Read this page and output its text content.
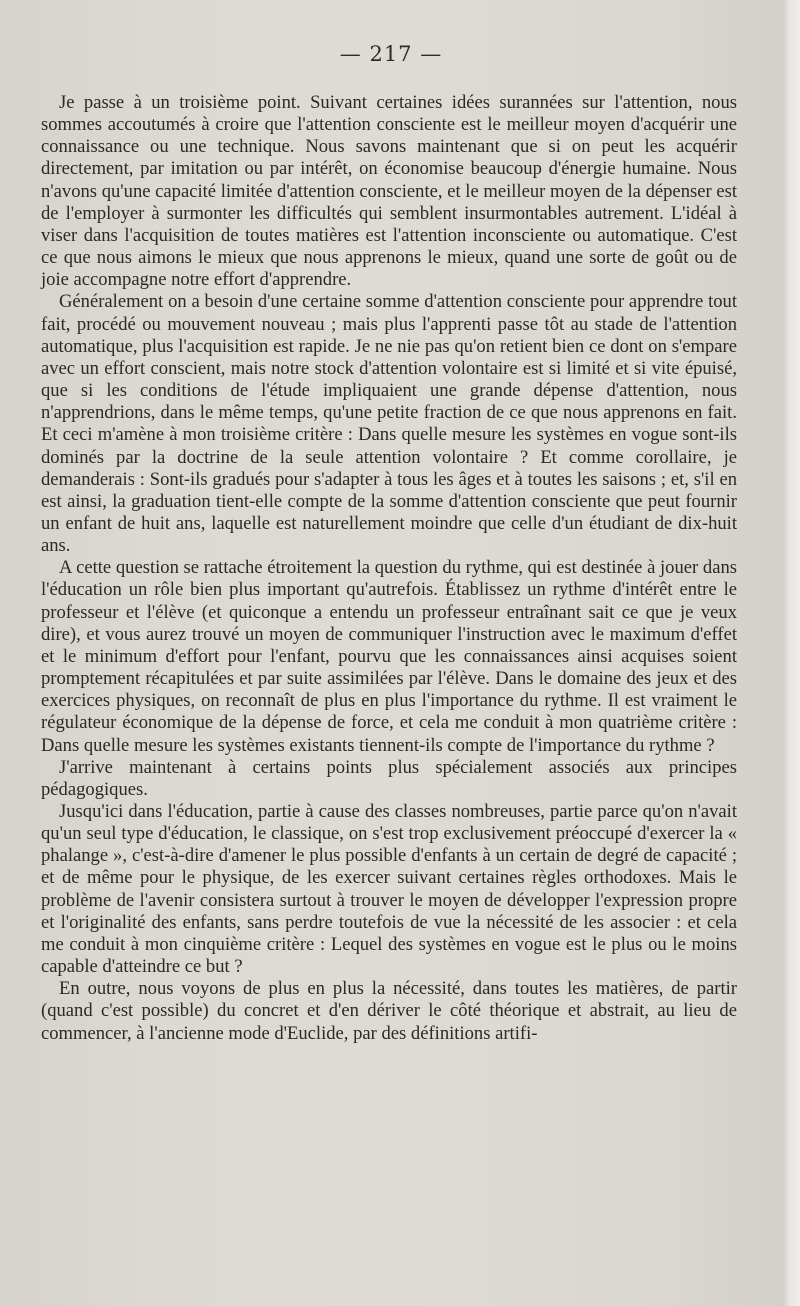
— 217 —

Je passe à un troisième point. Suivant certaines idées surannées sur l'attention, nous sommes accoutumés à croire que l'attention consciente est le meilleur moyen d'acquérir une connaissance ou une technique. Nous savons maintenant que si on peut les acquérir directement, par imitation ou par intérêt, on économise beaucoup d'énergie humaine. Nous n'avons qu'une capacité limitée d'attention consciente, et le meilleur moyen de la dépenser est de l'employer à surmonter les difficultés qui semblent insurmontables autrement. L'idéal à viser dans l'acquisition de toutes matières est l'attention inconsciente ou automatique. C'est ce que nous aimons le mieux que nous apprenons le mieux, quand une sorte de goût ou de joie accompagne notre effort d'apprendre.

Généralement on a besoin d'une certaine somme d'attention consciente pour apprendre tout fait, procédé ou mouvement nouveau ; mais plus l'apprenti passe tôt au stade de l'attention automatique, plus l'acquisition est rapide. Je ne nie pas qu'on retient bien ce dont on s'empare avec un effort conscient, mais notre stock d'attention volontaire est si limité et si vite épuisé, que si les conditions de l'étude impliquaient une grande dépense d'attention, nous n'apprendrions, dans le même temps, qu'une petite fraction de ce que nous apprenons en fait. Et ceci m'amène à mon troisième critère : Dans quelle mesure les systèmes en vogue sont-ils dominés par la doctrine de la seule attention volontaire ? Et comme corollaire, je demanderais : Sont-ils gradués pour s'adapter à tous les âges et à toutes les saisons ; et, s'il en est ainsi, la graduation tient-elle compte de la somme d'attention consciente que peut fournir un enfant de huit ans, laquelle est naturellement moindre que celle d'un étudiant de dix-huit ans.

A cette question se rattache étroitement la question du rythme, qui est destinée à jouer dans l'éducation un rôle bien plus important qu'autrefois. Établissez un rythme d'intérêt entre le professeur et l'élève (et quiconque a entendu un professeur entraînant sait ce que je veux dire), et vous aurez trouvé un moyen de communiquer l'instruction avec le maximum d'effet et le minimum d'effort pour l'enfant, pourvu que les connaissances ainsi acquises soient promptement récapitulées et par suite assimilées par l'élève. Dans le domaine des jeux et des exercices physiques, on reconnaît de plus en plus l'importance du rythme. Il est vraiment le régulateur économique de la dépense de force, et cela me conduit à mon quatrième critère : Dans quelle mesure les systèmes existants tiennent-ils compte de l'importance du rythme ?

J'arrive maintenant à certains points plus spécialement associés aux principes pédagogiques.

Jusqu'ici dans l'éducation, partie à cause des classes nombreuses, partie parce qu'on n'avait qu'un seul type d'éducation, le classique, on s'est trop exclusivement préoccupé d'exercer la « phalange », c'est-à-dire d'amener le plus possible d'enfants à un certain de degré de capacité ; et de même pour le physique, de les exercer suivant certaines règles orthodoxes. Mais le problème de l'avenir consistera surtout à trouver le moyen de développer l'expression propre et l'originalité des enfants, sans perdre toutefois de vue la nécessité de les associer : et cela me conduit à mon cinquième critère : Lequel des systèmes en vogue est le plus ou le moins capable d'atteindre ce but ?

En outre, nous voyons de plus en plus la nécessité, dans toutes les matières, de partir (quand c'est possible) du concret et d'en dériver le côté théorique et abstrait, au lieu de commencer, à l'ancienne mode d'Euclide, par des définitions artifi-
